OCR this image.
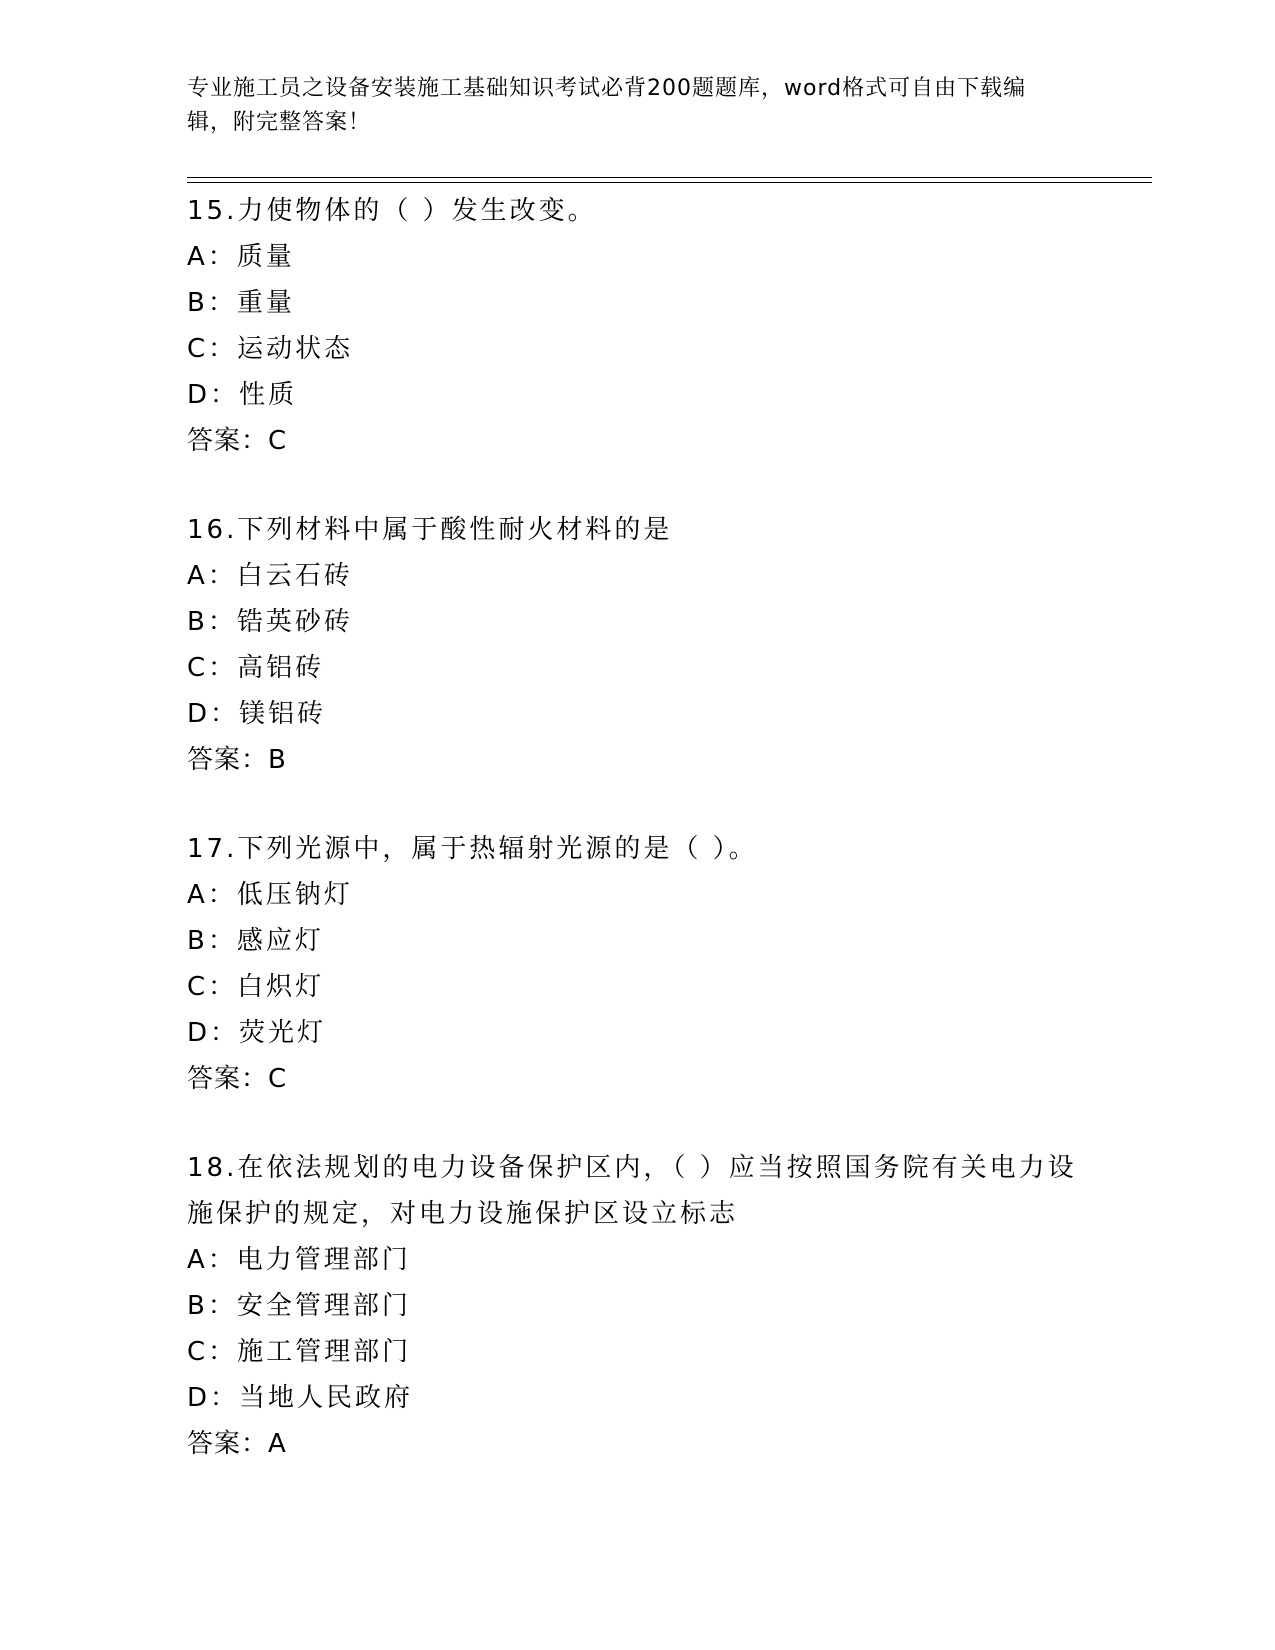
专业施工员之设备安装施工基础知识考试必背200题题库，word格式可自由下载编辑，附完整答案！
15.力使物体的（ ）发生改变。
A：质量
B：重量
C：运动状态
D：性质
答案：C
16.下列材料中属于酸性耐火材料的是
A：白云石砖
B：锆英砂砖
C：高铝砖
D：镁铝砖
答案：B
17.下列光源中，属于热辐射光源的是（ ）。
A：低压钠灯
B：感应灯
C：白炽灯
D：荧光灯
答案：C
18.在依法规划的电力设备保护区内，（ ）应当按照国务院有关电力设施保护的规定，对电力设施保护区设立标志
A：电力管理部门
B：安全管理部门
C：施工管理部门
D：当地人民政府
答案：A
